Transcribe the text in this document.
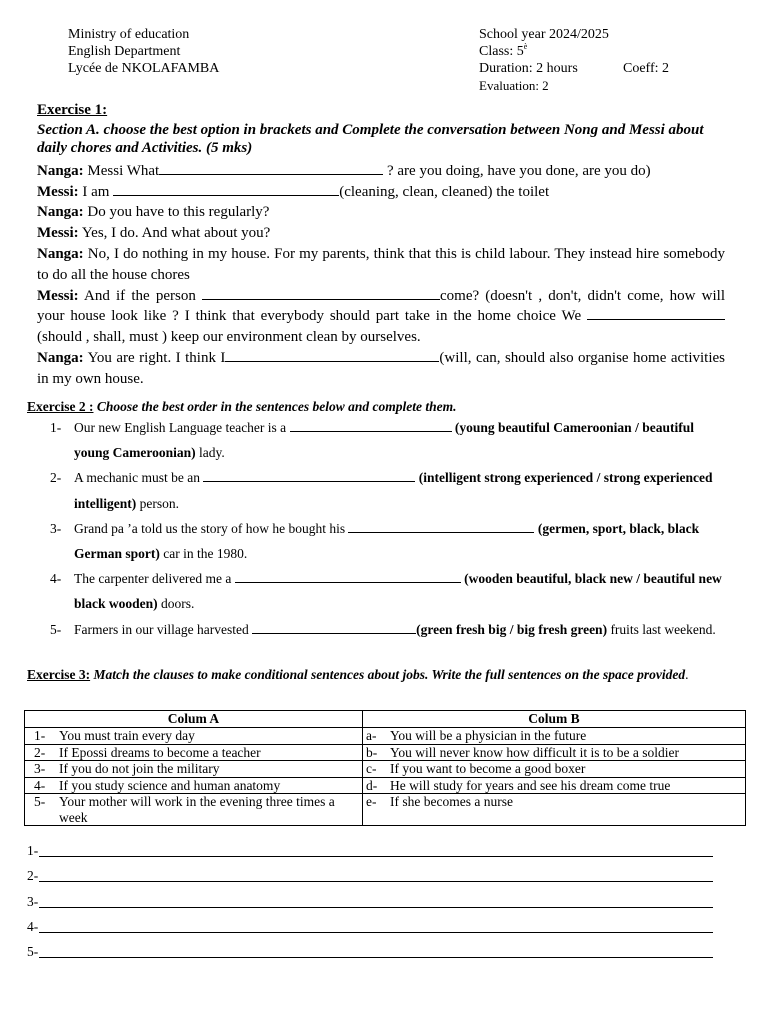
Ministry of education
English Department
Lycée de NKOLAFAMBA
School year 2024/2025
Class: $5^è$
Duration: 2 hours	Coeff: 2
Evaluation: 2
Exercise 1:
Section A. choose the best option in brackets and Complete the conversation between Nong and Messi about daily chores and Activities. (5 mks)
Nanga: Messi What	? are you doing, have you done, are you do)
Messi: I am	(cleaning, clean, cleaned) the toilet
Nanga: Do you have to this regularly?
Messi: Yes, I do. And what about you?
Nanga: No, I do nothing in my house. For my parents, think that this is child labour. They instead hire somebody to do all the house chores
Messi: And if the person	come? (doesn't , don't, didn't come, how will your house look like ? I think that everybody should part take in the home choice We (should , shall, must ) keep our environment clean by ourselves.
Nanga: You are right. I think I	(will, can, should also organise home activities in my own house.
Exercise 2 : Choose the best order in the sentences below and complete them.
1- Our new English Language teacher is a	(young beautiful Cameroonian / beautiful young Cameroonian) lady.
2- A mechanic must be an	(intelligent strong experienced / strong experienced intelligent) person.
3- Grand pa ’a told us the story of how he bought his	(germen, sport, black, black German sport) car in the 1980.
4- The carpenter delivered me a	(wooden beautiful, black new / beautiful new black wooden) doors.
5- Farmers in our village harvested	(green fresh big / big fresh green) fruits last weekend.
Exercise 3: Match the clauses to make conditional sentences about jobs. Write the full sentences on the space provided.
Colum A	Colum B

1- You must train every day	a- You will be a physician in the future

2- If Epossi dreams to become a teacher	b- You will never know how difficult it is to be a soldier

3- If you do not join the military	c- If you want to become a good boxer

4- If you study science and human anatomy	d- He will study for years and see his dream come true

5- Your mother will work in the evening three times a week	e- If she becomes a nurse
1-
2-
3-
4-
5-
